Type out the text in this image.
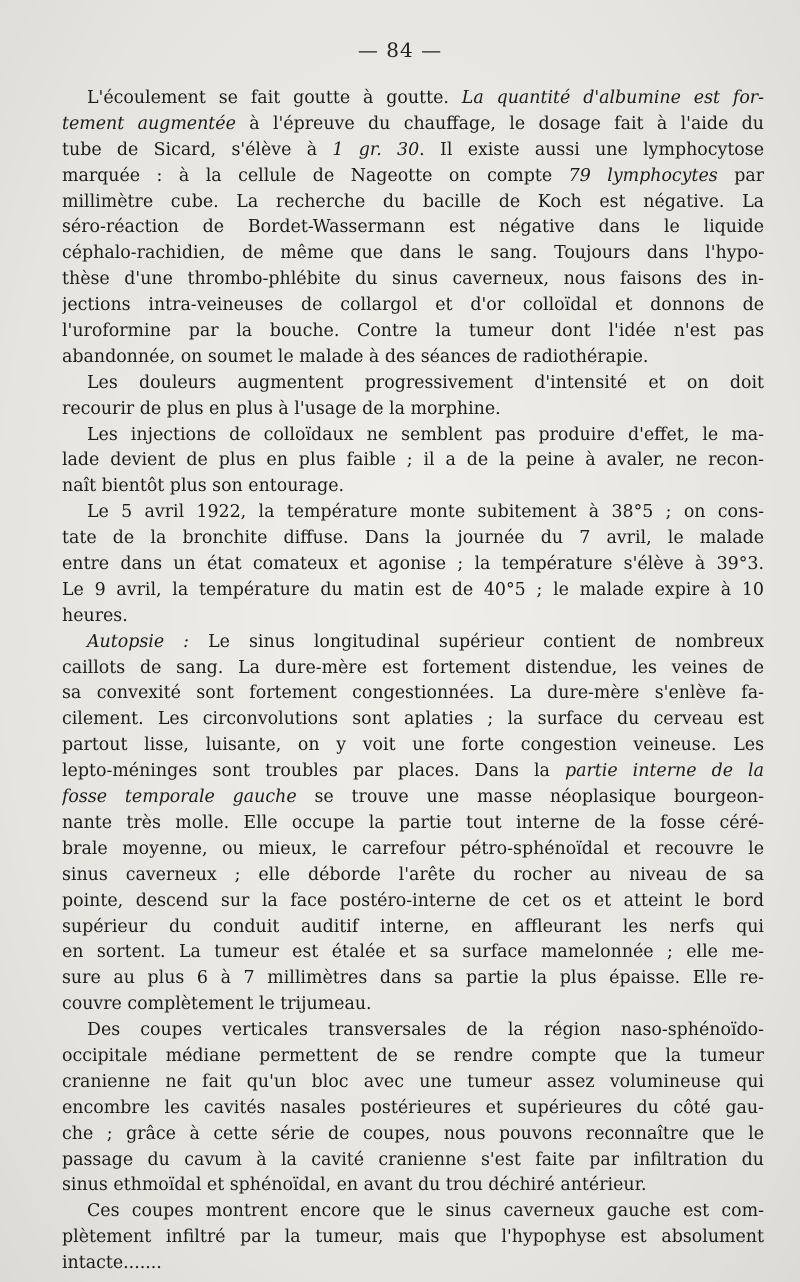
— 84 —
L'écoulement se fait goutte à goutte. La quantité d'albumine est for-
tement augmentée à l'épreuve du chauffage, le dosage fait à l'aide du
tube de Sicard, s'élève à 1 gr. 30. Il existe aussi une lymphocytose
marquée : à la cellule de Nageotte on compte 79 lymphocytes par
millimètre cube. La recherche du bacille de Koch est négative. La
séro-réaction de Bordet-Wassermann est négative dans le liquide
céphalo-rachidien, de même que dans le sang. Toujours dans l'hypo-
thèse d'une thrombo-phlébite du sinus caverneux, nous faisons des in-
jections intra-veineuses de collargol et d'or colloïdal et donnons de
l'uroformine par la bouche. Contre la tumeur dont l'idée n'est pas
abandonnée, on soumet le malade à des séances de radiothérapie.
Les douleurs augmentent progressivement d'intensité et on doit
recourir de plus en plus à l'usage de la morphine.
Les injections de colloïdaux ne semblent pas produire d'effet, le ma-
lade devient de plus en plus faible ; il a de la peine à avaler, ne recon-
naît bientôt plus son entourage.
Le 5 avril 1922, la température monte subitement à 38°5 ; on cons-
tate de la bronchite diffuse. Dans la journée du 7 avril, le malade
entre dans un état comateux et agonise ; la température s'élève à 39°3.
Le 9 avril, la température du matin est de 40°5 ; le malade expire à 10
heures.
Autopsie : Le sinus longitudinal supérieur contient de nombreux
caillots de sang. La dure-mère est fortement distendue, les veines de
sa convexité sont fortement congestionnées. La dure-mère s'enlève fa-
cilement. Les circonvolutions sont aplaties ; la surface du cerveau est
partout lisse, luisante, on y voit une forte congestion veineuse. Les
lepto-méninges sont troubles par places. Dans la partie interne de la
fosse temporale gauche se trouve une masse néoplasique bourgeon-
nante très molle. Elle occupe la partie tout interne de la fosse céré-
brale moyenne, ou mieux, le carrefour pétro-sphénoïdal et recouvre le
sinus caverneux ; elle déborde l'arête du rocher au niveau de sa
pointe, descend sur la face postéro-interne de cet os et atteint le bord
supérieur du conduit auditif interne, en affleurant les nerfs qui
en sortent. La tumeur est étalée et sa surface mamelonnée ; elle me-
sure au plus 6 à 7 millimètres dans sa partie la plus épaisse. Elle re-
couvre complètement le trijumeau.
Des coupes verticales transversales de la région naso-sphénoïdo-
occipitale médiane permettent de se rendre compte que la tumeur
cranienne ne fait qu'un bloc avec une tumeur assez volumineuse qui
encombre les cavités nasales postérieures et supérieures du côté gau-
che ; grâce à cette série de coupes, nous pouvons reconnaître que le
passage du cavum à la cavité cranienne s'est faite par infiltration du
sinus ethmoïdal et sphénoïdal, en avant du trou déchiré antérieur.
Ces coupes montrent encore que le sinus caverneux gauche est com-
plètement infiltré par la tumeur, mais que l'hypophyse est absolument
intacte.......
